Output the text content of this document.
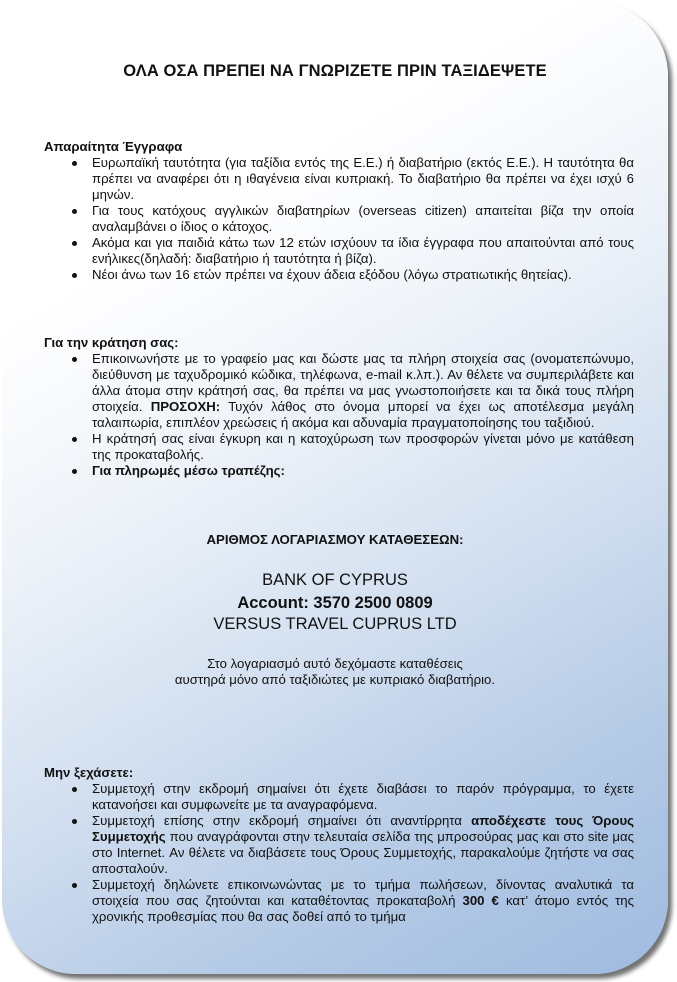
ΟΛΑ ΟΣΑ ΠΡΕΠΕΙ ΝΑ ΓΝΩΡΙΖΕΤΕ ΠΡΙΝ ΤΑΞΙΔΕΨΕΤΕ
Απαραίτητα Έγγραφα
Ευρωπαϊκή ταυτότητα (για ταξίδια εντός της Ε.Ε.) ή διαβατήριο (εκτός Ε.Ε.). Η ταυτότητα θα πρέπει να αναφέρει ότι η ιθαγένεια είναι κυπριακή. Το διαβατήριο θα πρέπει να έχει ισχύ 6 μηνών.
Για τους κατόχους αγγλικών διαβατηρίων (overseas citizen) απαιτείται βίζα την οποία αναλαμβάνει ο ίδιος ο κάτοχος.
Ακόμα και για παιδιά κάτω των 12 ετών ισχύουν τα ίδια έγγραφα που απαιτούνται από τους ενήλικες(δηλαδή: διαβατήριο ή ταυτότητα ή βίζα).
Νέοι άνω των 16 ετών πρέπει να έχουν άδεια εξόδου (λόγω στρατιωτικής θητείας).
Για την κράτηση σας:
Επικοινωνήστε με το γραφείο μας και δώστε μας τα πλήρη στοιχεία σας (ονοματεπώνυμο, διεύθυνση με ταχυδρομικό κώδικα, τηλέφωνα, e-mail κ.λπ.). Αν θέλετε να συμπεριλάβετε και άλλα άτομα στην κράτησή σας, θα πρέπει να μας γνωστοποιήσετε και τα δικά τους πλήρη στοιχεία. ΠΡΟΣΟΧΗ: Τυχόν λάθος στο όνομα μπορεί να έχει ως αποτέλεσμα μεγάλη ταλαιπωρία, επιπλέον χρεώσεις ή ακόμα και αδυναμία πραγματοποίησης του ταξιδιού.
Η κράτησή σας είναι έγκυρη και η κατοχύρωση των προσφορών γίνεται μόνο με κατάθεση της προκαταβολής.
Για πληρωμές μέσω τραπέζης:
ΑΡΙΘΜΟΣ ΛΟΓΑΡΙΑΣΜΟΥ ΚΑΤΑΘΕΣΕΩΝ:
BANK OF CYPRUS
Account: 3570 2500 0809
VERSUS TRAVEL CUPRUS LTD
Στο λογαριασμό αυτό δεχόμαστε καταθέσεις
αυστηρά μόνο από ταξιδιώτες με κυπριακό διαβατήριο.
Μην ξεχάσετε:
Συμμετοχή στην εκδρομή σημαίνει ότι έχετε διαβάσει το παρόν πρόγραμμα, το έχετε κατανοήσει και συμφωνείτε με τα αναγραφόμενα.
Συμμετοχή επίσης στην εκδρομή σημαίνει ότι αναντίρρητα αποδέχεστε τους Όρους Συμμετοχής που αναγράφονται στην τελευταία σελίδα της μπροσούρας μας και στο site μας στο Internet. Αν θέλετε να διαβάσετε τους Όρους Συμμετοχής, παρακαλούμε ζητήστε να σας αποσταλούν.
Συμμετοχή δηλώνετε επικοινωνώντας με το τμήμα πωλήσεων, δίνοντας αναλυτικά τα στοιχεία που σας ζητούνται και καταθέτοντας προκαταβολή 300 € κατ’ άτομο εντός της χρονικής προθεσμίας που θα σας δοθεί από το τμήμα
